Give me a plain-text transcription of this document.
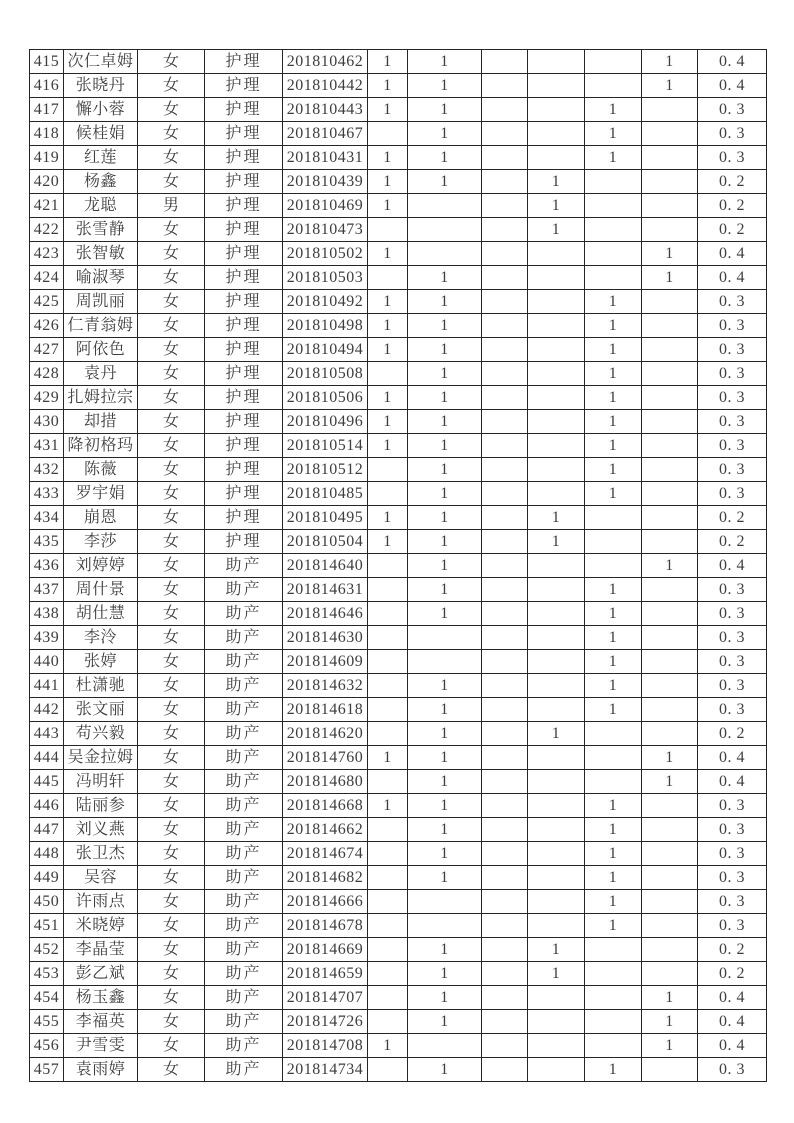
415	次仁卓姆	女	护理	201810462	1	1				1	0. 4
416	张晓丹	女	护理	201810442	1	1				1	0. 4
417	懈小蓉	女	护理	201810443	1	1			1		0. 3
418	候桂娟	女	护理	201810467		1			1		0. 3
419	红莲	女	护理	201810431	1	1			1		0. 3
420	杨鑫	女	护理	201810439	1	1		1			0. 2
421	龙聪	男	护理	201810469	1			1			0. 2
422	张雪静	女	护理	201810473				1			0. 2
423	张智敏	女	护理	201810502	1					1	0. 4
424	喻淑琴	女	护理	201810503		1				1	0. 4
425	周凯丽	女	护理	201810492	1	1			1		0. 3
426	仁青翁姆	女	护理	201810498	1	1			1		0. 3
427	阿依色	女	护理	201810494	1	1			1		0. 3
428	袁丹	女	护理	201810508		1			1		0. 3
429	扎姆拉宗	女	护理	201810506	1	1			1		0. 3
430	却措	女	护理	201810496	1	1			1		0. 3
431	降初格玛	女	护理	201810514	1	1			1		0. 3
432	陈薇	女	护理	201810512		1			1		0. 3
433	罗宇娟	女	护理	201810485		1			1		0. 3
434	崩恩	女	护理	201810495	1	1		1			0. 2
435	李莎	女	护理	201810504	1	1		1			0. 2
436	刘婷婷	女	助产	201814640		1				1	0. 4
437	周什景	女	助产	201814631		1			1		0. 3
438	胡仕慧	女	助产	201814646		1			1		0. 3
439	李泠	女	助产	201814630					1		0. 3
440	张婷	女	助产	201814609					1		0. 3
441	杜潇驰	女	助产	201814632		1			1		0. 3
442	张文丽	女	助产	201814618		1			1		0. 3
443	苟兴毅	女	助产	201814620		1		1			0. 2
444	吴金拉姆	女	助产	201814760	1	1				1	0. 4
445	冯明轩	女	助产	201814680		1				1	0. 4
446	陆丽参	女	助产	201814668	1	1			1		0. 3
447	刘义燕	女	助产	201814662		1			1		0. 3
448	张卫杰	女	助产	201814674		1			1		0. 3
449	吴容	女	助产	201814682		1			1		0. 3
450	许雨点	女	助产	201814666					1		0. 3
451	米晓婷	女	助产	201814678					1		0. 3
452	李晶莹	女	助产	201814669		1		1			0. 2
453	彭乙斌	女	助产	201814659		1		1			0. 2
454	杨玉鑫	女	助产	201814707		1				1	0. 4
455	李福英	女	助产	201814726		1				1	0. 4
456	尹雪雯	女	助产	201814708	1					1	0. 4
457	袁雨婷	女	助产	201814734		1			1		0. 3
